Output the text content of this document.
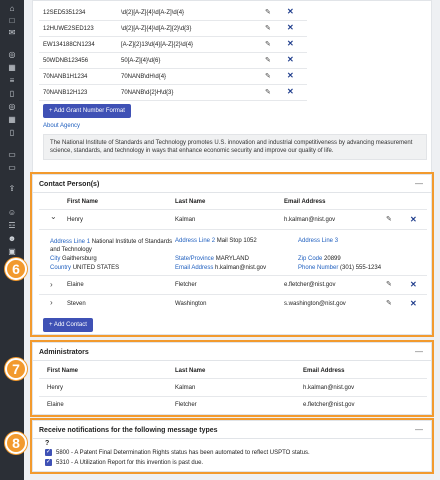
⌂
□
✉
◎
▦
≡
▯
◎
▦
▯
▭
▭
⇪
☺
☲
☻
▣
12SED5351234	\d{2}[A-Z]{4}\d[A-Z]\d{4}	✎ ✕
12HUWE2SED123	\d{2}[A-Z]{4}\d[A-Z]{2}\d{3}	✎ ✕
EW134188CN1234	[A-Z]{2}13\d{4}[A-Z]{2}\d{4}	✎ ✕
50WDNB123456	50[A-Z]{4}\d{6}	✎ ✕
70NANB1H1234	70NANB\dH\d{4}	✎ ✕
70NANB12H123	70NANB\d{2}H\d{3}	✎ ✕
+ Add Grant Number Format
About Agency
The National Institute of Standards and Technology promotes U.S. innovation and industrial competitiveness by advancing measurement science, standards, and technology in ways that enhance economic security and improve our quality of life.
Contact Person(s)	—
First Name	Last Name	Email Address
⌄ Henry	Kalman	h.kalman@nist.gov	✎ ✕
Address Line 1 National Institute of Standards and Technology
Address Line 2 Mail Stop 1052	Address Line 3
City Gaithersburg	State/Province MARYLAND	Zip Code 20899
Country UNITED STATES	Email Address h.kalman@nist.gov	Phone Number (301) 555-1234
› Elaine	Fletcher	e.fletcher@nist.gov	✎ ✕
› Steven	Washington	s.washington@nist.gov	✎ ✕
+ Add Contact
Administrators	—
First Name	Last Name	Email Address
Henry	Kalman	h.kalman@nist.gov
Elaine	Fletcher	e.fletcher@nist.gov
Receive notifications for the following message types	—
?
✓ 5800 - A Patent Final Determination Rights status has been automated to reflect USPTO status.
✓ 5310 - A Utilization Report for this invention is past due.
6
7
8
